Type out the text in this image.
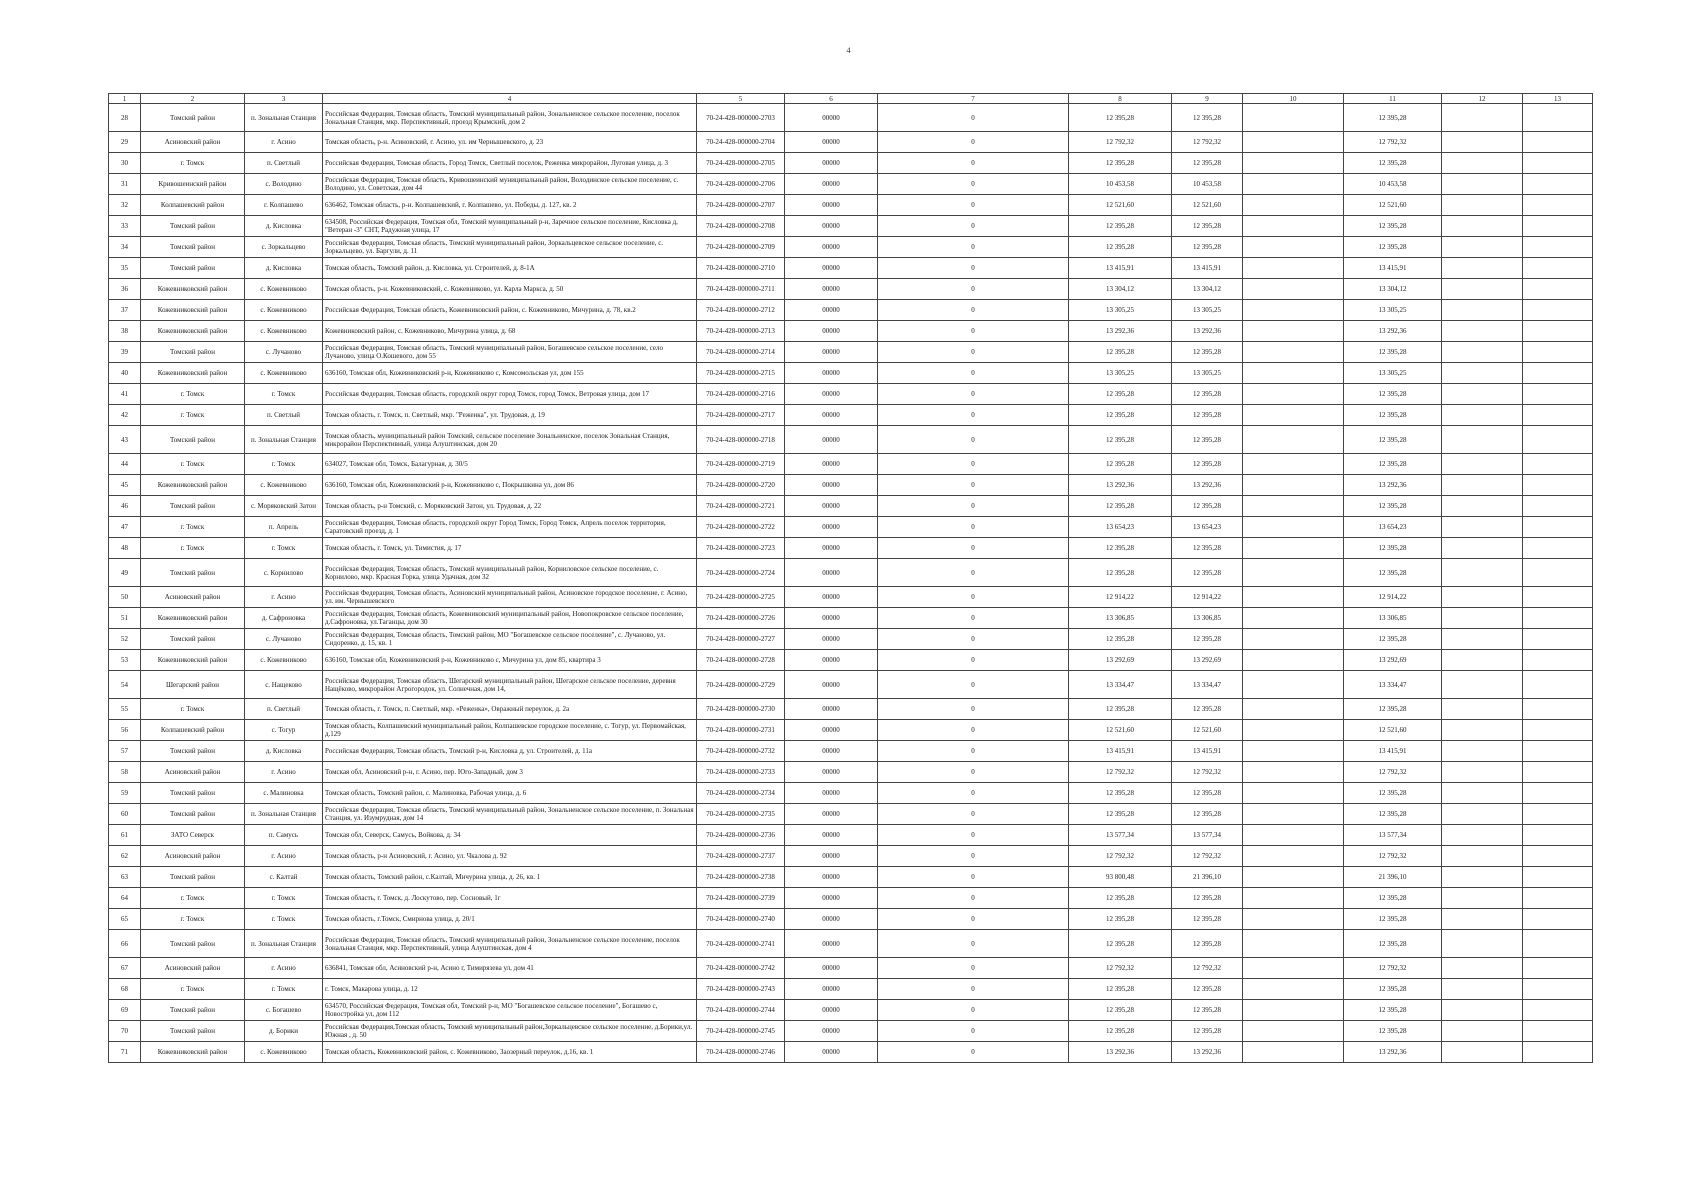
4
1	2	3	4	5	6	7	8	9	10	11	12	13
28	Томский район	п. Зональная Станция	Российская Федерация, Томская область, Томский муниципальный район, Зональненское сельское поселение, поселок Зональная Станция, мкр. Перспективный, проезд Крымский, дом 2	70-24-428-000000-2703	00000	0	12 395,28	12 395,28		12 395,28		
29	Асиновский район	г. Асино	Томская область, р-н. Асиновский, г. Асино, ул. им Чернышевского, д. 23	70-24-428-000000-2704	00000	0	12 792,32	12 792,32		12 792,32		
30	г. Томск	п. Светлый	Российская Федерация, Томская область, Город Томск, Светлый поселок, Реженка микрорайон, Луговая улица, д. 3	70-24-428-000000-2705	00000	0	12 395,28	12 395,28		12 395,28		
31	Кривошеинский район	с. Володино	Российская Федерация, Томская область, Кривошеинский муниципальный район, Володинское сельское поселение, с. Володино, ул. Советская, дом 44	70-24-428-000000-2706	00000	0	10 453,58	10 453,58		10 453,58		
32	Колпашевский район	г. Колпашево	636462, Томская область, р-н. Колпашевский, г. Колпашево, ул. Победы, д. 127, кв. 2	70-24-428-000000-2707	00000	0	12 521,60	12 521,60		12 521,60		
33	Томский район	д. Кисловка	634508, Российская Федерация, Томская обл, Томский муниципальный р-н, Заречное сельское поселение, Кисловка д, "Ветеран -3" СНТ, Радужная улица, 17	70-24-428-000000-2708	00000	0	12 395,28	12 395,28		12 395,28		
34	Томский район	с. Зоркальцево	Российская Федерация, Томская область, Томский муниципальный район, Зоркальцевское сельское поселение, с. Зоркальцево, ул. Баргули, д. 11	70-24-428-000000-2709	00000	0	12 395,28	12 395,28		12 395,28		
35	Томский район	д. Кисловка	Томская область, Томский район, д. Кисловка, ул. Строителей, д. 8-1А	70-24-428-000000-2710	00000	0	13 415,91	13 415,91		13 415,91		
36	Кожевниковский район	с. Кожевниково	Томская область, р-н. Кожевниковский, с. Кожевниково, ул. Карла Маркса, д. 50	70-24-428-000000-2711	00000	0	13 304,12	13 304,12		13 304,12		
37	Кожевниковский район	с. Кожевниково	Российская Федерация, Томская область, Кожевниковский район, с. Кожевниково, Мичурина, д. 78, кв.2	70-24-428-000000-2712	00000	0	13 305,25	13 305,25		13 305,25		
38	Кожевниковский район	с. Кожевниково	Кожевниковский район, с. Кожевниково, Мичурина улица, д. 68	70-24-428-000000-2713	00000	0	13 292,36	13 292,36		13 292,36		
39	Томский район	с. Лучаново	Российская Федерация, Томская область, Томский муниципальный район, Богашевское сельское поселение, село Лучаново, улица О.Кошевого, дом 55	70-24-428-000000-2714	00000	0	12 395,28	12 395,28		12 395,28		
40	Кожевниковский район	с. Кожевниково	636160, Томская обл, Кожевниковский р-н, Кожевниково с, Комсомольская ул, дом 155	70-24-428-000000-2715	00000	0	13 305,25	13 305,25		13 305,25		
41	г. Томск	г. Томск	Российская Федерация, Томская область, городской округ город Томск, город Томск, Ветровая улица, дом 17	70-24-428-000000-2716	00000	0	12 395,28	12 395,28		12 395,28		
42	г. Томск	п. Светлый	Томская область, г. Томск, п. Светлый, мкр. "Реженка", ул. Трудовая, д. 19	70-24-428-000000-2717	00000	0	12 395,28	12 395,28		12 395,28		
43	Томский район	п. Зональная Станция	Томская область, муниципальный район Томский, сельское поселение Зональненское, поселок Зональная Станция, микрорайон Перспективный, улица Алуштинская, дом 20	70-24-428-000000-2718	00000	0	12 395,28	12 395,28		12 395,28		
44	г. Томск	г. Томск	634027, Томская обл, Томск, Балагурная, д. 30/5	70-24-428-000000-2719	00000	0	12 395,28	12 395,28		12 395,28		
45	Кожевниковский район	с. Кожевниково	636160, Томская обл, Кожевниковский р-н, Кожевниково с, Покрышкина ул, дом 86	70-24-428-000000-2720	00000	0	13 292,36	13 292,36		13 292,36		
46	Томский район	с. Моряковский Затон	Томская область, р-н Томский, с. Моряковский Затон, ул. Трудовая, д. 22	70-24-428-000000-2721	00000	0	12 395,28	12 395,28		12 395,28		
47	г. Томск	п. Апрель	Российская Федерация, Томская область, городской округ Город Томск, Город Томск, Апрель поселок территория, Саратовский проезд, д. 1	70-24-428-000000-2722	00000	0	13 654,23	13 654,23		13 654,23		
48	г. Томск	г. Томск	Томская область, г. Томск, ул. Тимистия, д. 17	70-24-428-000000-2723	00000	0	12 395,28	12 395,28		12 395,28		
49	Томский район	с. Корнилово	Российская Федерация, Томская область, Томский муниципальный район, Корниловское сельское поселение, с. Корнилово, мкр. Красная Горка, улица Удачная, дом 32	70-24-428-000000-2724	00000	0	12 395,28	12 395,28		12 395,28		
50	Асиновский район	г. Асино	Российская Федерация, Томская область, Асиновский муниципальный район, Асиновское городское поселение, г. Асино, ул. им. Чернышевского	70-24-428-000000-2725	00000	0	12 914,22	12 914,22		12 914,22		
51	Кожевниковский район	д. Сафроновка	Российская Федерация, Томская область, Кожевниковский муниципальный район, Новопокровское сельское поселение, д.Сафроновка, ул.Таганцы, дом 30	70-24-428-000000-2726	00000	0	13 306,85	13 306,85		13 306,85		
52	Томский район	с. Лучаново	Российская Федерация, Томская область, Томский район, МО "Богашевское сельское поселение", с. Лучаново, ул. Сидоренко, д. 15, кв. 1	70-24-428-000000-2727	00000	0	12 395,28	12 395,28		12 395,28		
53	Кожевниковский район	с. Кожевниково	636160, Томская обл, Кожевниковский р-н, Кожевниково с, Мичурина ул, дом 85, квартира 3	70-24-428-000000-2728	00000	0	13 292,69	13 292,69		13 292,69		
54	Шегарский район	с. Нащеково	Российская Федерация, Томская область, Шегарский муниципальный район, Шегарское сельское поселение, деревня Нащёково, микрорайон Агрогородок, ул. Солнечная, дом 14,	70-24-428-000000-2729	00000	0	13 334,47	13 334,47		13 334,47		
55	г. Томск	п. Светлый	Томская область, г. Томск, п. Светлый, мкр. «Реженка», Овражный переулок, д. 2а	70-24-428-000000-2730	00000	0	12 395,28	12 395,28		12 395,28		
56	Колпашевский район	с. Тогур	Томская область, Колпашевский муниципальный район, Колпашевское городское поселение, с. Тогур, ул. Первомайская, д.129	70-24-428-000000-2731	00000	0	12 521,60	12 521,60		12 521,60		
57	Томский район	д. Кисловка	Российская Федерация, Томская область, Томский р-н, Кисловка д, ул. Строителей, д. 11а	70-24-428-000000-2732	00000	0	13 415,91	13 415,91		13 415,91		
58	Асиновский район	г. Асино	Томская обл, Асиновский р-н, г. Асино, пер. Юго-Западный, дом 3	70-24-428-000000-2733	00000	0	12 792,32	12 792,32		12 792,32		
59	Томский район	с. Малиновка	Томская область, Томский район, с. Малиновка, Рабочая улица, д. 6	70-24-428-000000-2734	00000	0	12 395,28	12 395,28		12 395,28		
60	Томский район	п. Зональная Станция	Российская Федерация, Томская область, Томский муниципальный район, Зональненское сельское поселение, п. Зональная Станция, ул. Изумрудная, дом 14	70-24-428-000000-2735	00000	0	12 395,28	12 395,28		12 395,28		
61	ЗАТО Северск	п. Самусь	Томская обл, Северск, Самусь, Войкова, д. 34	70-24-428-000000-2736	00000	0	13 577,34	13 577,34		13 577,34		
62	Асиновский район	г. Асино	Томская область, р-н Асиновский, г. Асино, ул. Чкалова д. 92	70-24-428-000000-2737	00000	0	12 792,32	12 792,32		12 792,32		
63	Томский район	с. Калтай	Томская область, Томский район, с.Калтай, Мичурина улица, д. 26, кв. 1	70-24-428-000000-2738	00000	0	93 800,48	21 396,10		21 396,10		
64	г. Томск	г. Томск	Томская область, г. Томск, д. Лоскутово, пер. Сосновый, 1г	70-24-428-000000-2739	00000	0	12 395,28	12 395,28		12 395,28		
65	г. Томск	г. Томск	Томская область, г.Томск, Смирнова улица, д. 20/1	70-24-428-000000-2740	00000	0	12 395,28	12 395,28		12 395,28		
66	Томский район	п. Зональная Станция	Российская Федерация, Томская область, Томский муниципальный район, Зональненское сельское поселение, поселок Зональная Станция, мкр. Перспективный, улица Алуштинская, дом 4	70-24-428-000000-2741	00000	0	12 395,28	12 395,28		12 395,28		
67	Асиновский район	г. Асино	636841, Томская обл, Асиновский р-н, Асино г, Тимирязева ул, дом 41	70-24-428-000000-2742	00000	0	12 792,32	12 792,32		12 792,32		
68	г. Томск	г. Томск	г. Томск, Макарова улица, д. 12	70-24-428-000000-2743	00000	0	12 395,28	12 395,28		12 395,28		
69	Томский район	с. Богашево	634570, Российская Федерация, Томская обл, Томский р-н, МО "Богашевское сельское поселение", Богашево с, Новостройка ул, дом 112	70-24-428-000000-2744	00000	0	12 395,28	12 395,28		12 395,28		
70	Томский район	д. Борики	Российская Федерация,Томская область, Томский муниципальный район,Зоркальцевское сельское поселение, д.Борики,ул. Южная , д. 50	70-24-428-000000-2745	00000	0	12 395,28	12 395,28		12 395,28		
71	Кожевниковский район	с. Кожевниково	Томская область, Кожевниковский район, с. Кожевниково, Заозерный переулок, д.16, кв. 1	70-24-428-000000-2746	00000	0	13 292,36	13 292,36		13 292,36		
